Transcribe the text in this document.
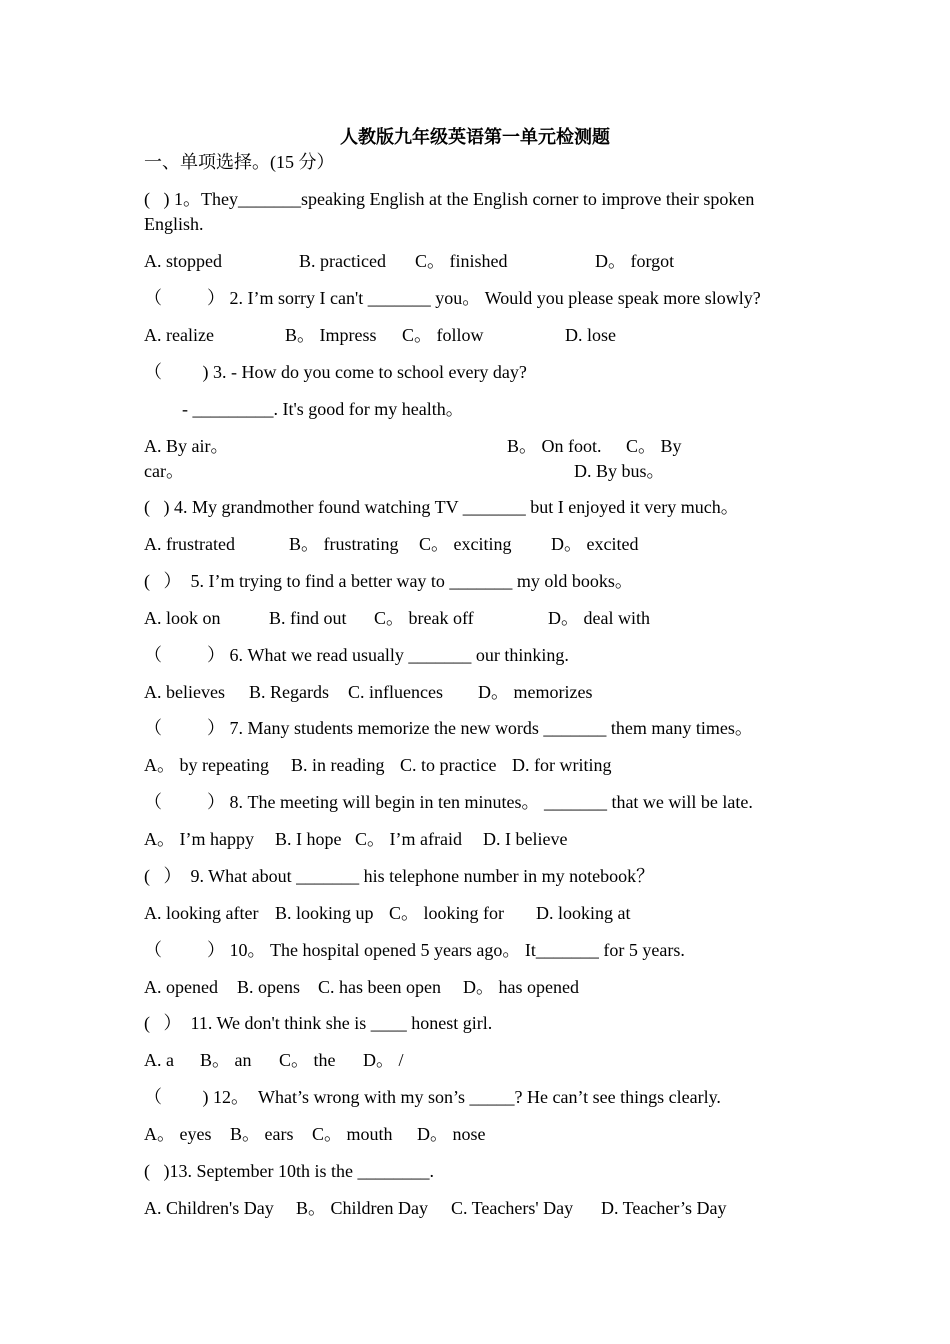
人教版九年级英语第一单元检测题
一、单项选择。(15 分）
(   ) 1。They_______speaking English at the English corner to improve their spoken
English.
A. stopped	B. practiced C。 finished	D。 forgot
（          ） 2. I’m sorry I can't _______ you。 Would you please speak more slowly?
A. realize	B。 Impress C。 follow	D. lose
（         ) 3. - How do you come to school every day?
- _________. It's good for my health。
A. By air。	B。 On foot. C。 By
car。	D. By bus。
(   ) 4. My grandmother found watching TV _______ but I enjoyed it very much。
A. frustrated	B。 frustrating C。 exciting D。 excited
(   ）  5. I’m trying to find a better way to _______ my old books。
A. look on	B. find out C。 break off	D。 deal with
（          ） 6. What we read usually _______ our thinking.
A. believes B. Regards C. influences D。 memorizes
（          ） 7. Many students memorize the new words _______ them many times。
A。 by repeating B. in reading C. to practice D. for writing
（          ） 8. The meeting will begin in ten minutes。 _______ that we will be late.
A。 I’m happy B. I hope C。 I’m afraid D. I believe
(   ）  9. What about _______ his telephone number in my notebook？
A. looking after B. looking up C。 looking for D. looking at
（          ） 10。 The hospital opened 5 years ago。 It_______ for 5 years.
A. opened B. opens C. has been open D。 has opened
(   ）  11. We don't think she is ____ honest girl.
A. a B。 an C。 the D。 /
（         ) 12。  What’s wrong with my son’s _____? He can’t see things clearly.
A。 eyes B。 ears C。 mouth D。 nose
(   )13. September 10th is the ________.
A. Children's Day B。 Children Day C. Teachers' Day D. Teacher’s Day
